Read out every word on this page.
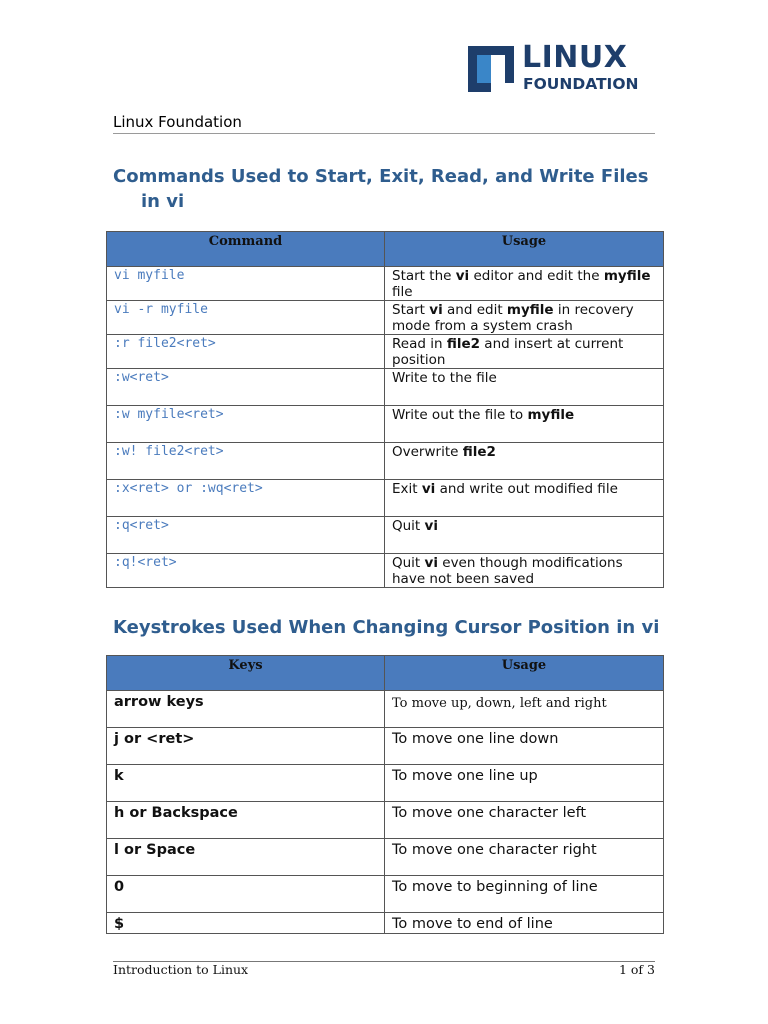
LINUX
FOUNDATION
Linux Foundation
Commands Used to Start, Exit, Read, and Write Files
in vi
Command	Usage
vi myfile	Start the vi editor and edit the myfile file
vi -r myfile	Start vi and edit myfile in recovery mode from a system crash
:r file2<ret>	Read in file2 and insert at current position
:w<ret>	Write to the file
:w myfile<ret>	Write out the file to myfile
:w! file2<ret>	Overwrite file2
:x<ret> or :wq<ret>	Exit vi and write out modified file
:q<ret>	Quit vi
:q!<ret>	Quit vi even though modifications have not been saved
Keystrokes Used When Changing Cursor Position in vi
Keys	Usage
arrow keys	To move up, down, left and right
j or <ret>	To move one line down
k	To move one line up
h or Backspace	To move one character left
l or Space	To move one character right
0	To move to beginning of line
$	To move to end of line
Introduction to Linux	1 of 3
